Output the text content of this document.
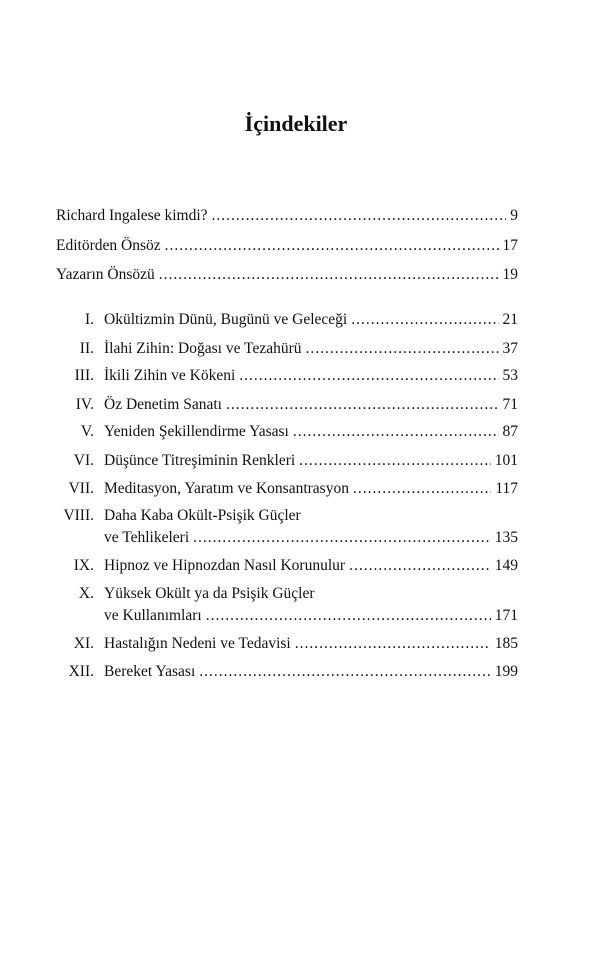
İçindekiler
Richard Ingalese kimdi? .....	9
Editörden Önsöz .....	17
Yazarın Önsözü .....	19
I. Okültizmin Dünü, Bugünü ve Geleceği .....	21
II. İlahi Zihin: Doğası ve Tezahürü .....	37
III. İkili Zihin ve Kökeni .....	53
IV. Öz Denetim Sanatı .....	71
V. Yeniden Şekillendirme Yasası .....	87
VI. Düşünce Titreşiminin Renkleri .....	101
VII. Meditasyon, Yaratım ve Konsantrasyon .....	117
VIII. Daha Kaba Okült-Psişik Güçler
ve Tehlikeleri .....	135
IX. Hipnoz ve Hipnozdan Nasıl Korunulur .....	149
X. Yüksek Okült ya da Psişik Güçler
ve Kullanımları .....	171
XI. Hastalığın Nedeni ve Tedavisi .....	185
XII. Bereket Yasası .....	199
